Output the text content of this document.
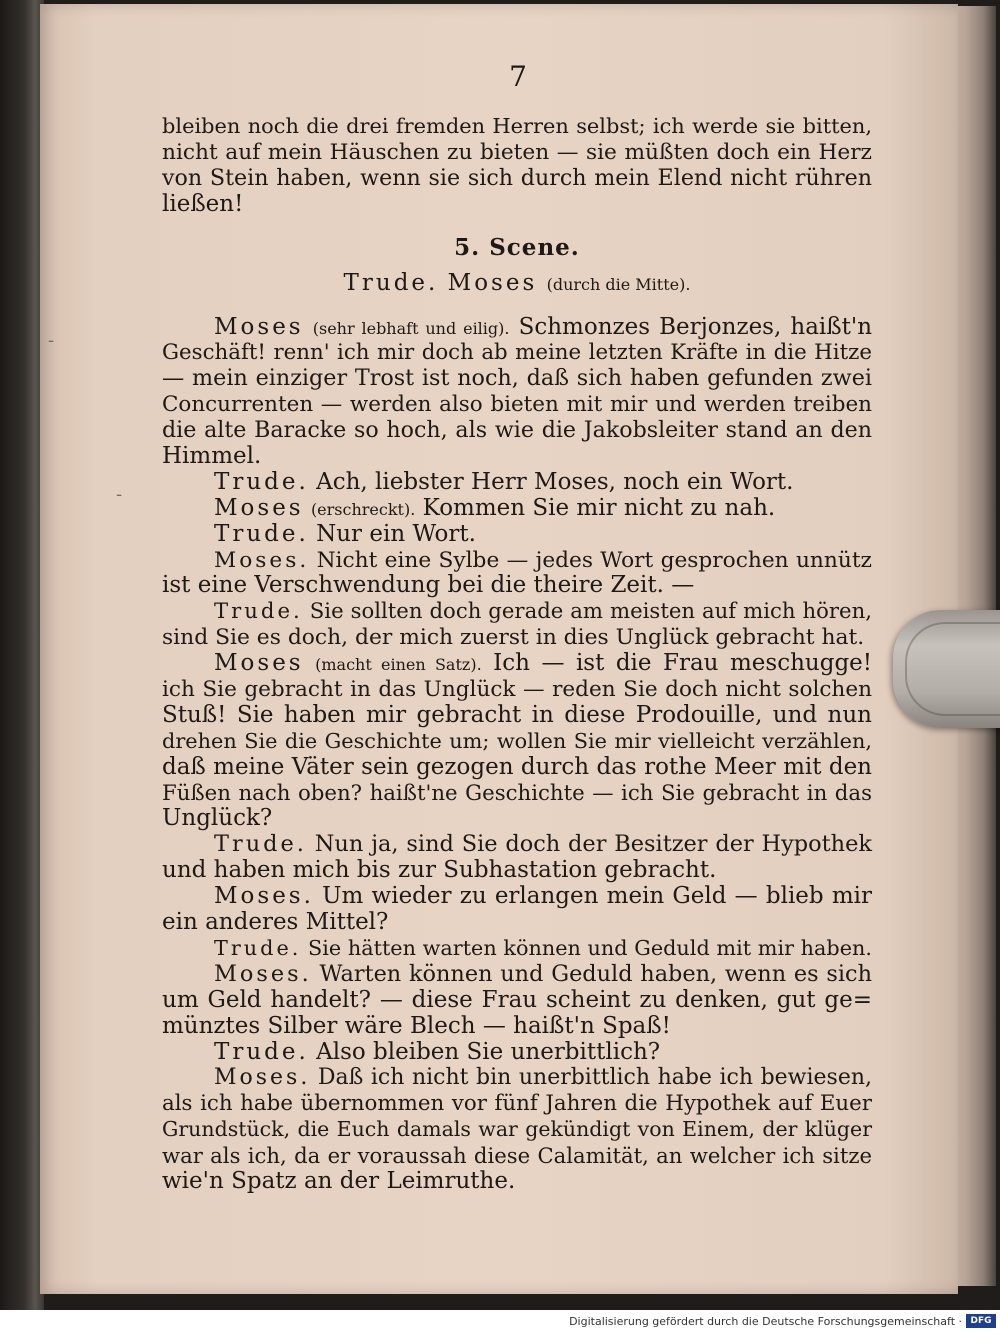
-
-
7
bleiben noch die drei fremden Herren selbst; ich werde sie bitten,
nicht auf mein Häuschen zu bieten — sie müßten doch ein Herz
von Stein haben, wenn sie sich durch mein Elend nicht rühren
ließen!
5. Scene.
Trude. Moses (durch die Mitte).
Moses (sehr lebhaft und eilig). Schmonzes Berjonzes, haißt'n
Geschäft! renn' ich mir doch ab meine letzten Kräfte in die Hitze
— mein einziger Trost ist noch, daß sich haben gefunden zwei
Concurrenten — werden also bieten mit mir und werden treiben
die alte Baracke so hoch, als wie die Jakobsleiter stand an den
Himmel.
Trude. Ach, liebster Herr Moses, noch ein Wort.
Moses (erschreckt). Kommen Sie mir nicht zu nah.
Trude. Nur ein Wort.
Moses. Nicht eine Sylbe — jedes Wort gesprochen unnütz
ist eine Verschwendung bei die theire Zeit. —
Trude. Sie sollten doch gerade am meisten auf mich hören,
sind Sie es doch, der mich zuerst in dies Unglück gebracht hat.
Moses (macht einen Satz). Ich — ist die Frau meschugge!
ich Sie gebracht in das Unglück — reden Sie doch nicht solchen
Stuß! Sie haben mir gebracht in diese Prodouille, und nun
drehen Sie die Geschichte um; wollen Sie mir vielleicht verzählen,
daß meine Väter sein gezogen durch das rothe Meer mit den
Füßen nach oben? haißt'ne Geschichte — ich Sie gebracht in das
Unglück?
Trude. Nun ja, sind Sie doch der Besitzer der Hypothek
und haben mich bis zur Subhastation gebracht.
Moses. Um wieder zu erlangen mein Geld — blieb mir
ein anderes Mittel?
Trude. Sie hätten warten können und Geduld mit mir haben.
Moses. Warten können und Geduld haben, wenn es sich
um Geld handelt? — diese Frau scheint zu denken, gut ge=
münztes Silber wäre Blech — haißt'n Spaß!
Trude. Also bleiben Sie unerbittlich?
Moses. Daß ich nicht bin unerbittlich habe ich bewiesen,
als ich habe übernommen vor fünf Jahren die Hypothek auf Euer
Grundstück, die Euch damals war gekündigt von Einem, der klüger
war als ich, da er voraussah diese Calamität, an welcher ich sitze
wie'n Spatz an der Leimruthe.
Digitalisierung gefördert durch die Deutsche Forschungsgemeinschaft · DFG
